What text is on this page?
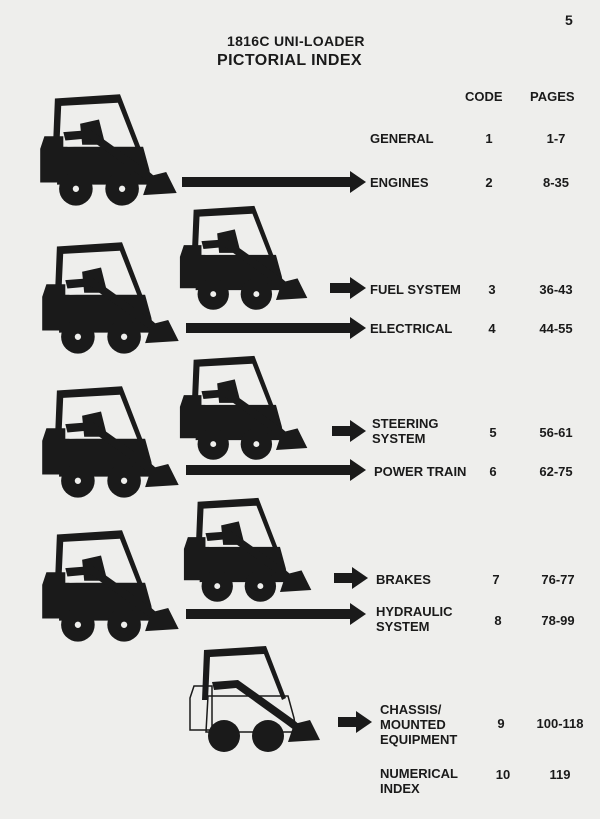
5
1816C UNI-LOADER
PICTORIAL INDEX
CODE PAGES
GENERAL	1	1-7
ENGINES	2	8-35
FUEL SYSTEM	3	36-43
ELECTRICAL	4	44-55
STEERING
SYSTEM	5	56-61
POWER TRAIN	6	62-75
BRAKES	7	76-77
HYDRAULIC
SYSTEM	8	78-99
CHASSIS/
MOUNTED
EQUIPMENT
9	100-118
NUMERICAL
INDEX
10	119
